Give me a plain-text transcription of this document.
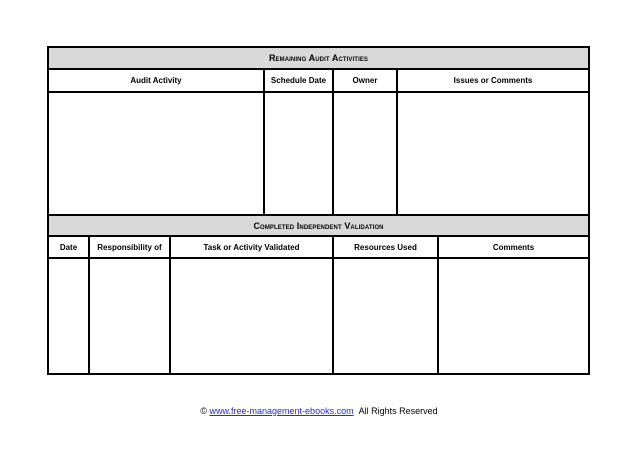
Remaining Audit Activities
Audit Activity	Schedule Date	Owner	Issues or Comments
Completed Independent Validation
Date	Responsibility of	Task or Activity Validated	Resources Used	Comments
© www.free-management-ebooks.com All Rights Reserved
